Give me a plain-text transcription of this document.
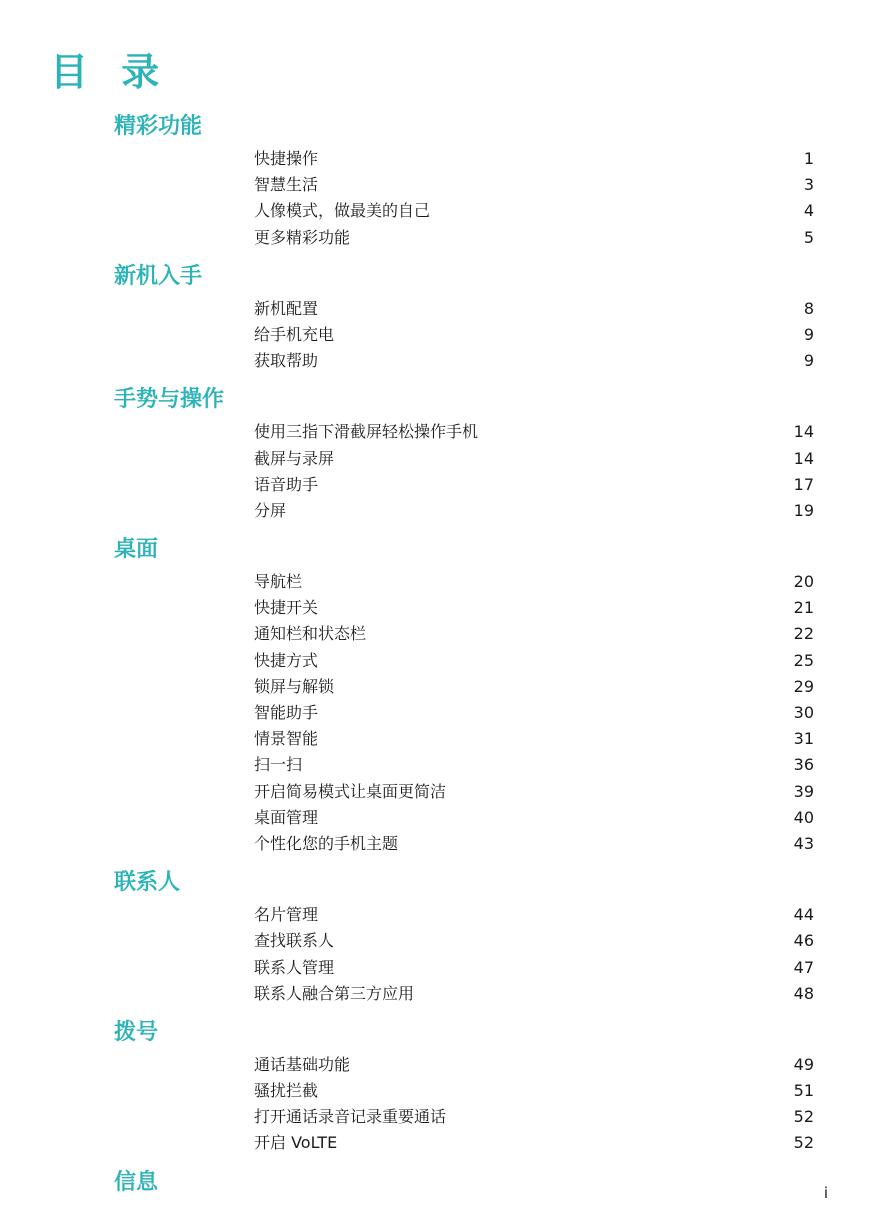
目 录
精彩功能
快捷操作	1
智慧生活	3
人像模式，做最美的自己	4
更多精彩功能	5
新机入手
新机配置	8
给手机充电	9
获取帮助	9
手势与操作
使用三指下滑截屏轻松操作手机	14
截屏与录屏	14
语音助手	17
分屏	19
桌面
导航栏	20
快捷开关	21
通知栏和状态栏	22
快捷方式	25
锁屏与解锁	29
智能助手	30
情景智能	31
扫一扫	36
开启简易模式让桌面更简洁	39
桌面管理	40
个性化您的手机主题	43
联系人
名片管理	44
查找联系人	46
联系人管理	47
联系人融合第三方应用	48
拨号
通话基础功能	49
骚扰拦截	51
打开通话录音记录重要通话	52
开启 VoLTE	52
信息	i
